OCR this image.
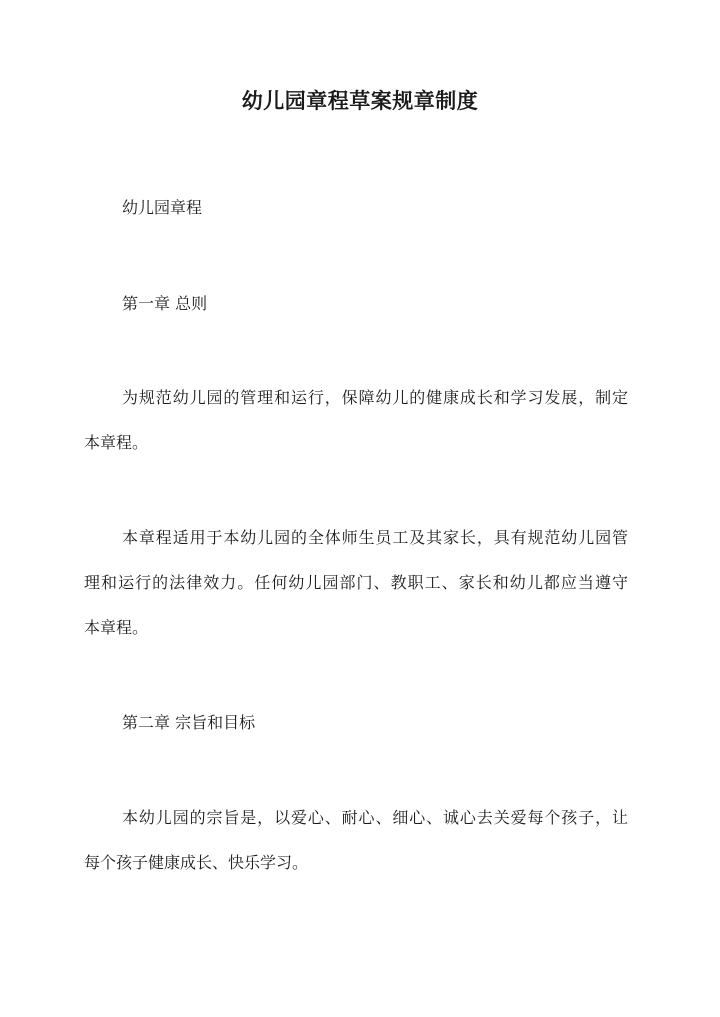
幼儿园章程草案规章制度
幼儿园章程
第一章 总则
为规范幼儿园的管理和运行，保障幼儿的健康成长和学习发展，制定
本章程。
本章程适用于本幼儿园的全体师生员工及其家长，具有规范幼儿园管
理和运行的法律效力。任何幼儿园部门、教职工、家长和幼儿都应当遵守
本章程。
第二章 宗旨和目标
本幼儿园的宗旨是，以爱心、耐心、细心、诚心去关爱每个孩子，让
每个孩子健康成长、快乐学习。
